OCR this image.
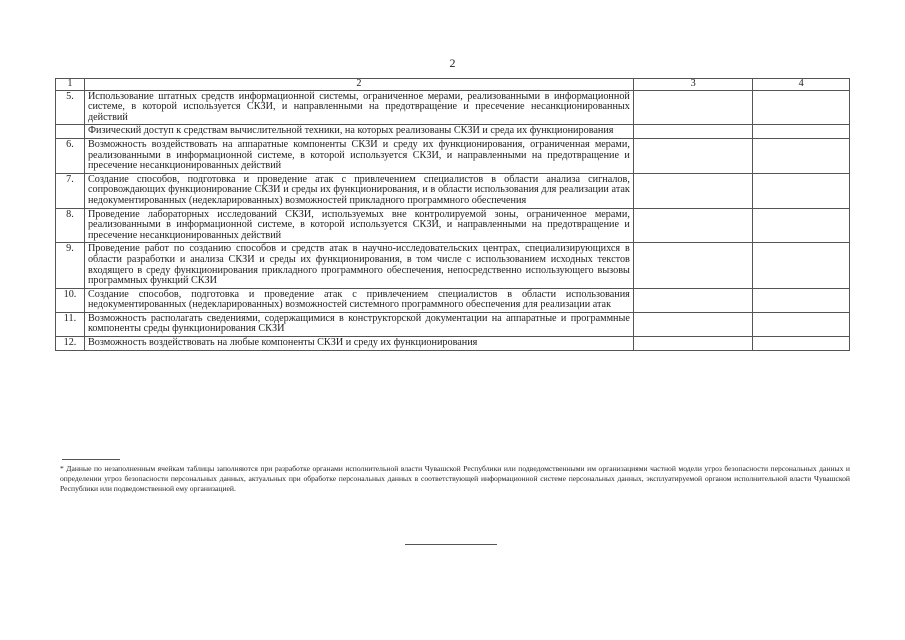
2
1	2	3	4
5.	Использование штатных средств информационной системы, ограниченное мерами, реализованными в информационной системе, в которой используется СКЗИ, и направленными на предотвращение и пресечение несанкционированных действий		
	Физический доступ к средствам вычислительной техники, на которых реализованы СКЗИ и среда их функционирования		
6.	Возможность воздействовать на аппаратные компоненты СКЗИ и среду их функционирования, ограниченная мерами, реализованными в информационной системе, в которой используется СКЗИ, и направленными на предотвращение и пресечение несанкционированных действий		
7.	Создание способов, подготовка и проведение атак с привлечением специалистов в области анализа сигналов, сопровождающих функционирование СКЗИ и среды их функционирования, и в области использования для реализации атак недокументированных (недекларированных) возможностей прикладного программного обеспечения		
8.	Проведение лабораторных исследований СКЗИ, используемых вне контролируемой зоны, ограниченное мерами, реализованными в информационной системе, в которой используется СКЗИ, и направленными на предотвращение и пресечение несанкционированных действий		
9.	Проведение работ по созданию способов и средств атак в научно-исследовательских центрах, специализирующихся в области разработки и анализа СКЗИ и среды их функционирования, в том числе с использованием исходных текстов входящего в среду функционирования прикладного программного обеспечения, непосредственно использующего вызовы программных функций СКЗИ		
10.	Создание способов, подготовка и проведение атак с привлечением специалистов в области использования недокументированных (недекларированных) возможностей системного программного обеспечения для реализации атак		
11.	Возможность располагать сведениями, содержащимися в конструкторской документации на аппаратные и программные компоненты среды функционирования СКЗИ		
12.	Возможность воздействовать на любые компоненты СКЗИ и среду их функционирования		
* Данные по незаполненным ячейкам таблицы заполняются при разработке органами исполнительной власти Чувашской Республики или подведомственными им организациями частной модели угроз безопасности персональных данных и определении угроз безопасности персональных данных, актуальных при обработке персональных данных в соответствующей информационной системе персональных данных, эксплуатируемой органом исполнительной власти Чувашской Республики или подведомственной ему организацией.
